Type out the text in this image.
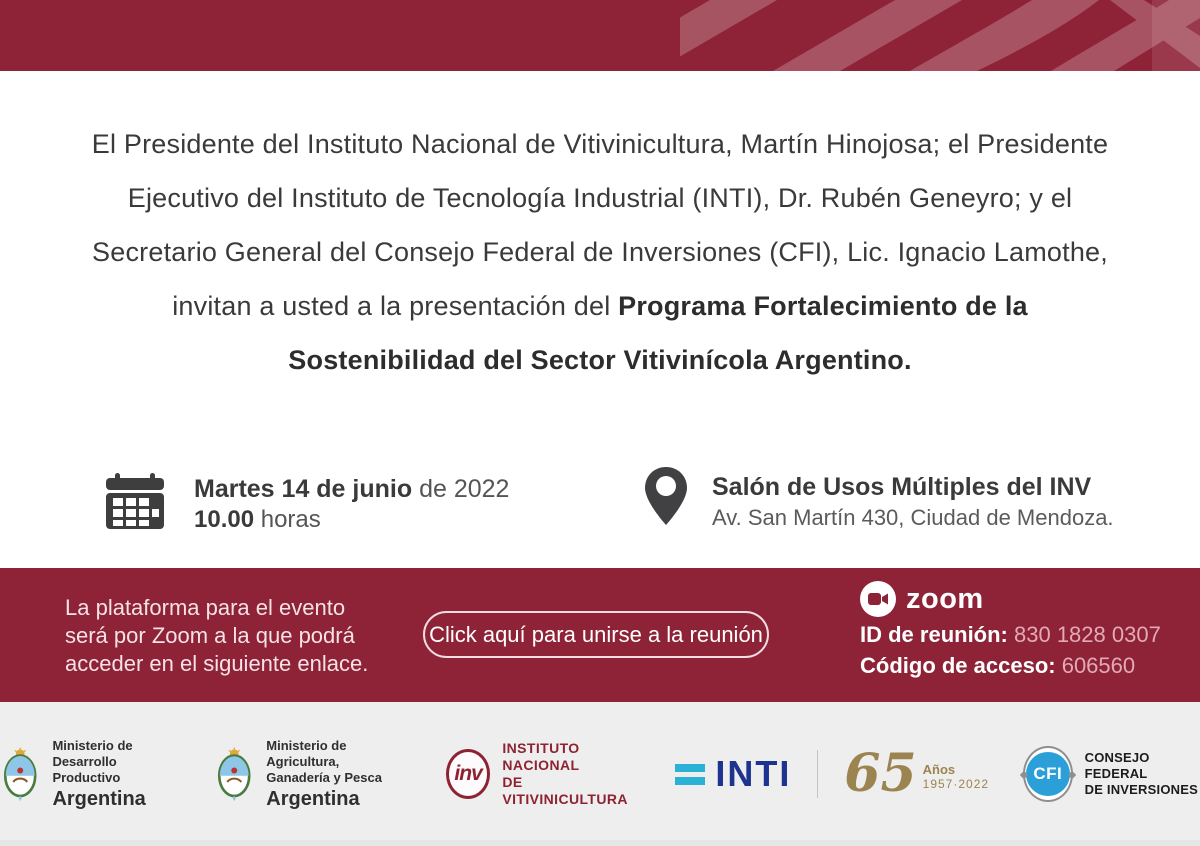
El Presidente del Instituto Nacional de Vitivinicultura, Martín Hinojosa; el Presidente
Ejecutivo del Instituto de Tecnología Industrial (INTI), Dr. Rubén Geneyro; y el
Secretario General del Consejo Federal de Inversiones (CFI), Lic. Ignacio Lamothe,
invitan a usted a la presentación del Programa Fortalecimiento de la
Sostenibilidad del Sector Vitivinícola Argentino.
Martes 14 de junio de 2022
10.00 horas
Salón de Usos Múltiples del INV
Av. San Martín 430, Ciudad de Mendoza.
La plataforma para el evento
será por Zoom a la que podrá
acceder en el siguiente enlace.
Click aquí para unirse a la reunión
zoom
ID de reunión: 830 1828 0307
Código de acceso: 606560
Ministerio de
Desarrollo Productivo
Argentina
Ministerio de Agricultura,
Ganadería y Pesca
Argentina
inv
INSTITUTO NACIONAL
DE VITIVINICULTURA
INTI 65 Años
1957·2022
CFI
CONSEJO FEDERAL
DE INVERSIONES
